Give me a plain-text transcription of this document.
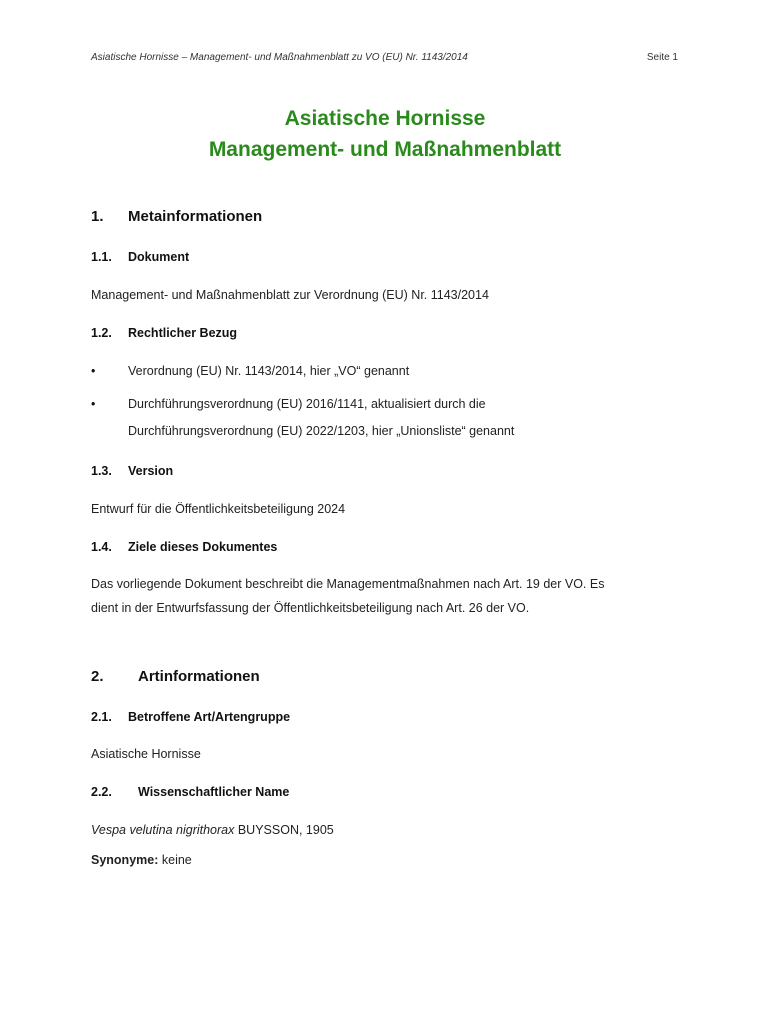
Asiatische Hornisse – Management- und Maßnahmenblatt zu VO (EU) Nr. 1143/2014	Seite 1
Asiatische Hornisse
Management- und Maßnahmenblatt
1. Metainformationen
1.1. Dokument
Management- und Maßnahmenblatt zur Verordnung (EU) Nr. 1143/2014
1.2. Rechtlicher Bezug
•	Verordnung (EU) Nr. 1143/2014, hier „VO“ genannt
•	Durchführungsverordnung (EU) 2016/1141, aktualisiert durch die
Durchführungsverordnung (EU) 2022/1203, hier „Unionsliste“ genannt
1.3. Version
Entwurf für die Öffentlichkeitsbeteiligung 2024
1.4. Ziele dieses Dokumentes
Das vorliegende Dokument beschreibt die Managementmaßnahmen nach Art. 19 der VO. Es
dient in der Entwurfsfassung der Öffentlichkeitsbeteiligung nach Art. 26 der VO.
2. Artinformationen
2.1. Betroffene Art/Artengruppe
Asiatische Hornisse
2.2. Wissenschaftlicher Name
Vespa velutina nigrithorax BUYSSON, 1905
Synonyme: keine
